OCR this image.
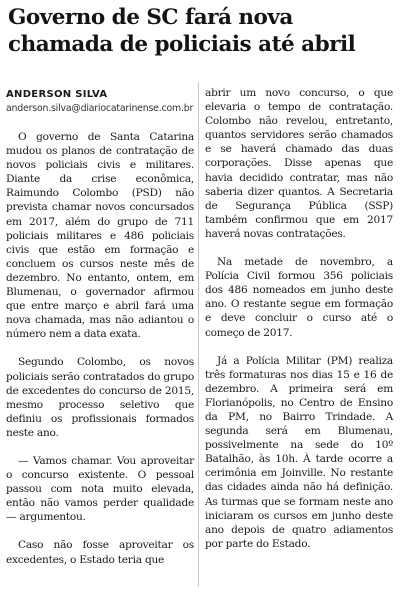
Governo de SC fará nova
chamada de policiais até abril

ANDERSON SILVA

anderson.silva@diariocatarinense.com.br

O governo de Santa Catarina mudou os planos de contratação de novos policiais civis e militares. Diante da crise econômica, Raimundo Colombo (PSD) não prevista chamar novos concursados em 2017, além do grupo de 711 policiais militares e 486 policiais civis que estão em formação e concluem os cursos neste mês de dezembro. No entanto, ontem, em Blumenau, o governador afirmou que entre março e abril fará uma nova chamada, mas não adiantou o número nem a data exata.

Segundo Colombo, os novos policiais serão contratados do grupo de excedentes do concurso de 2015, mesmo processo seletivo que definiu os profissionais formados neste ano.

— Vamos chamar. Vou aproveitar o concurso existente. O pessoal passou com nota muito elevada, então não vamos perder qualidade — argumentou.

Caso não fosse aproveitar os excedentes, o Estado teria que

abrir um novo concurso, o que elevaria o tempo de contratação. Colombo não revelou, entretanto, quantos servidores serão chamados e se haverá chamado das duas corporações. Disse apenas que havia decidido contratar, mas não saberia dizer quantos. A Secretaria de Segurança Pública (SSP) também confirmou que em 2017 haverá novas contratações.

Na metade de novembro, a Polícia Civil formou 356 policiais dos 486 nomeados em junho deste ano. O restante segue em formação e deve concluir o curso até o começo de 2017.

Já a Polícia Militar (PM) realiza três formaturas nos dias 15 e 16 de dezembro. A primeira será em Florianópolis, no Centro de Ensino da PM, no Bairro Trindade. A segunda será em Blumenau, possivelmente na sede do 10º Batalhão, às 10h. À tarde ocorre a cerimônia em Joinville. No restante das cidades ainda não há definição. As turmas que se formam neste ano iniciaram os cursos em junho deste ano depois de quatro adiamentos por parte do Estado.
